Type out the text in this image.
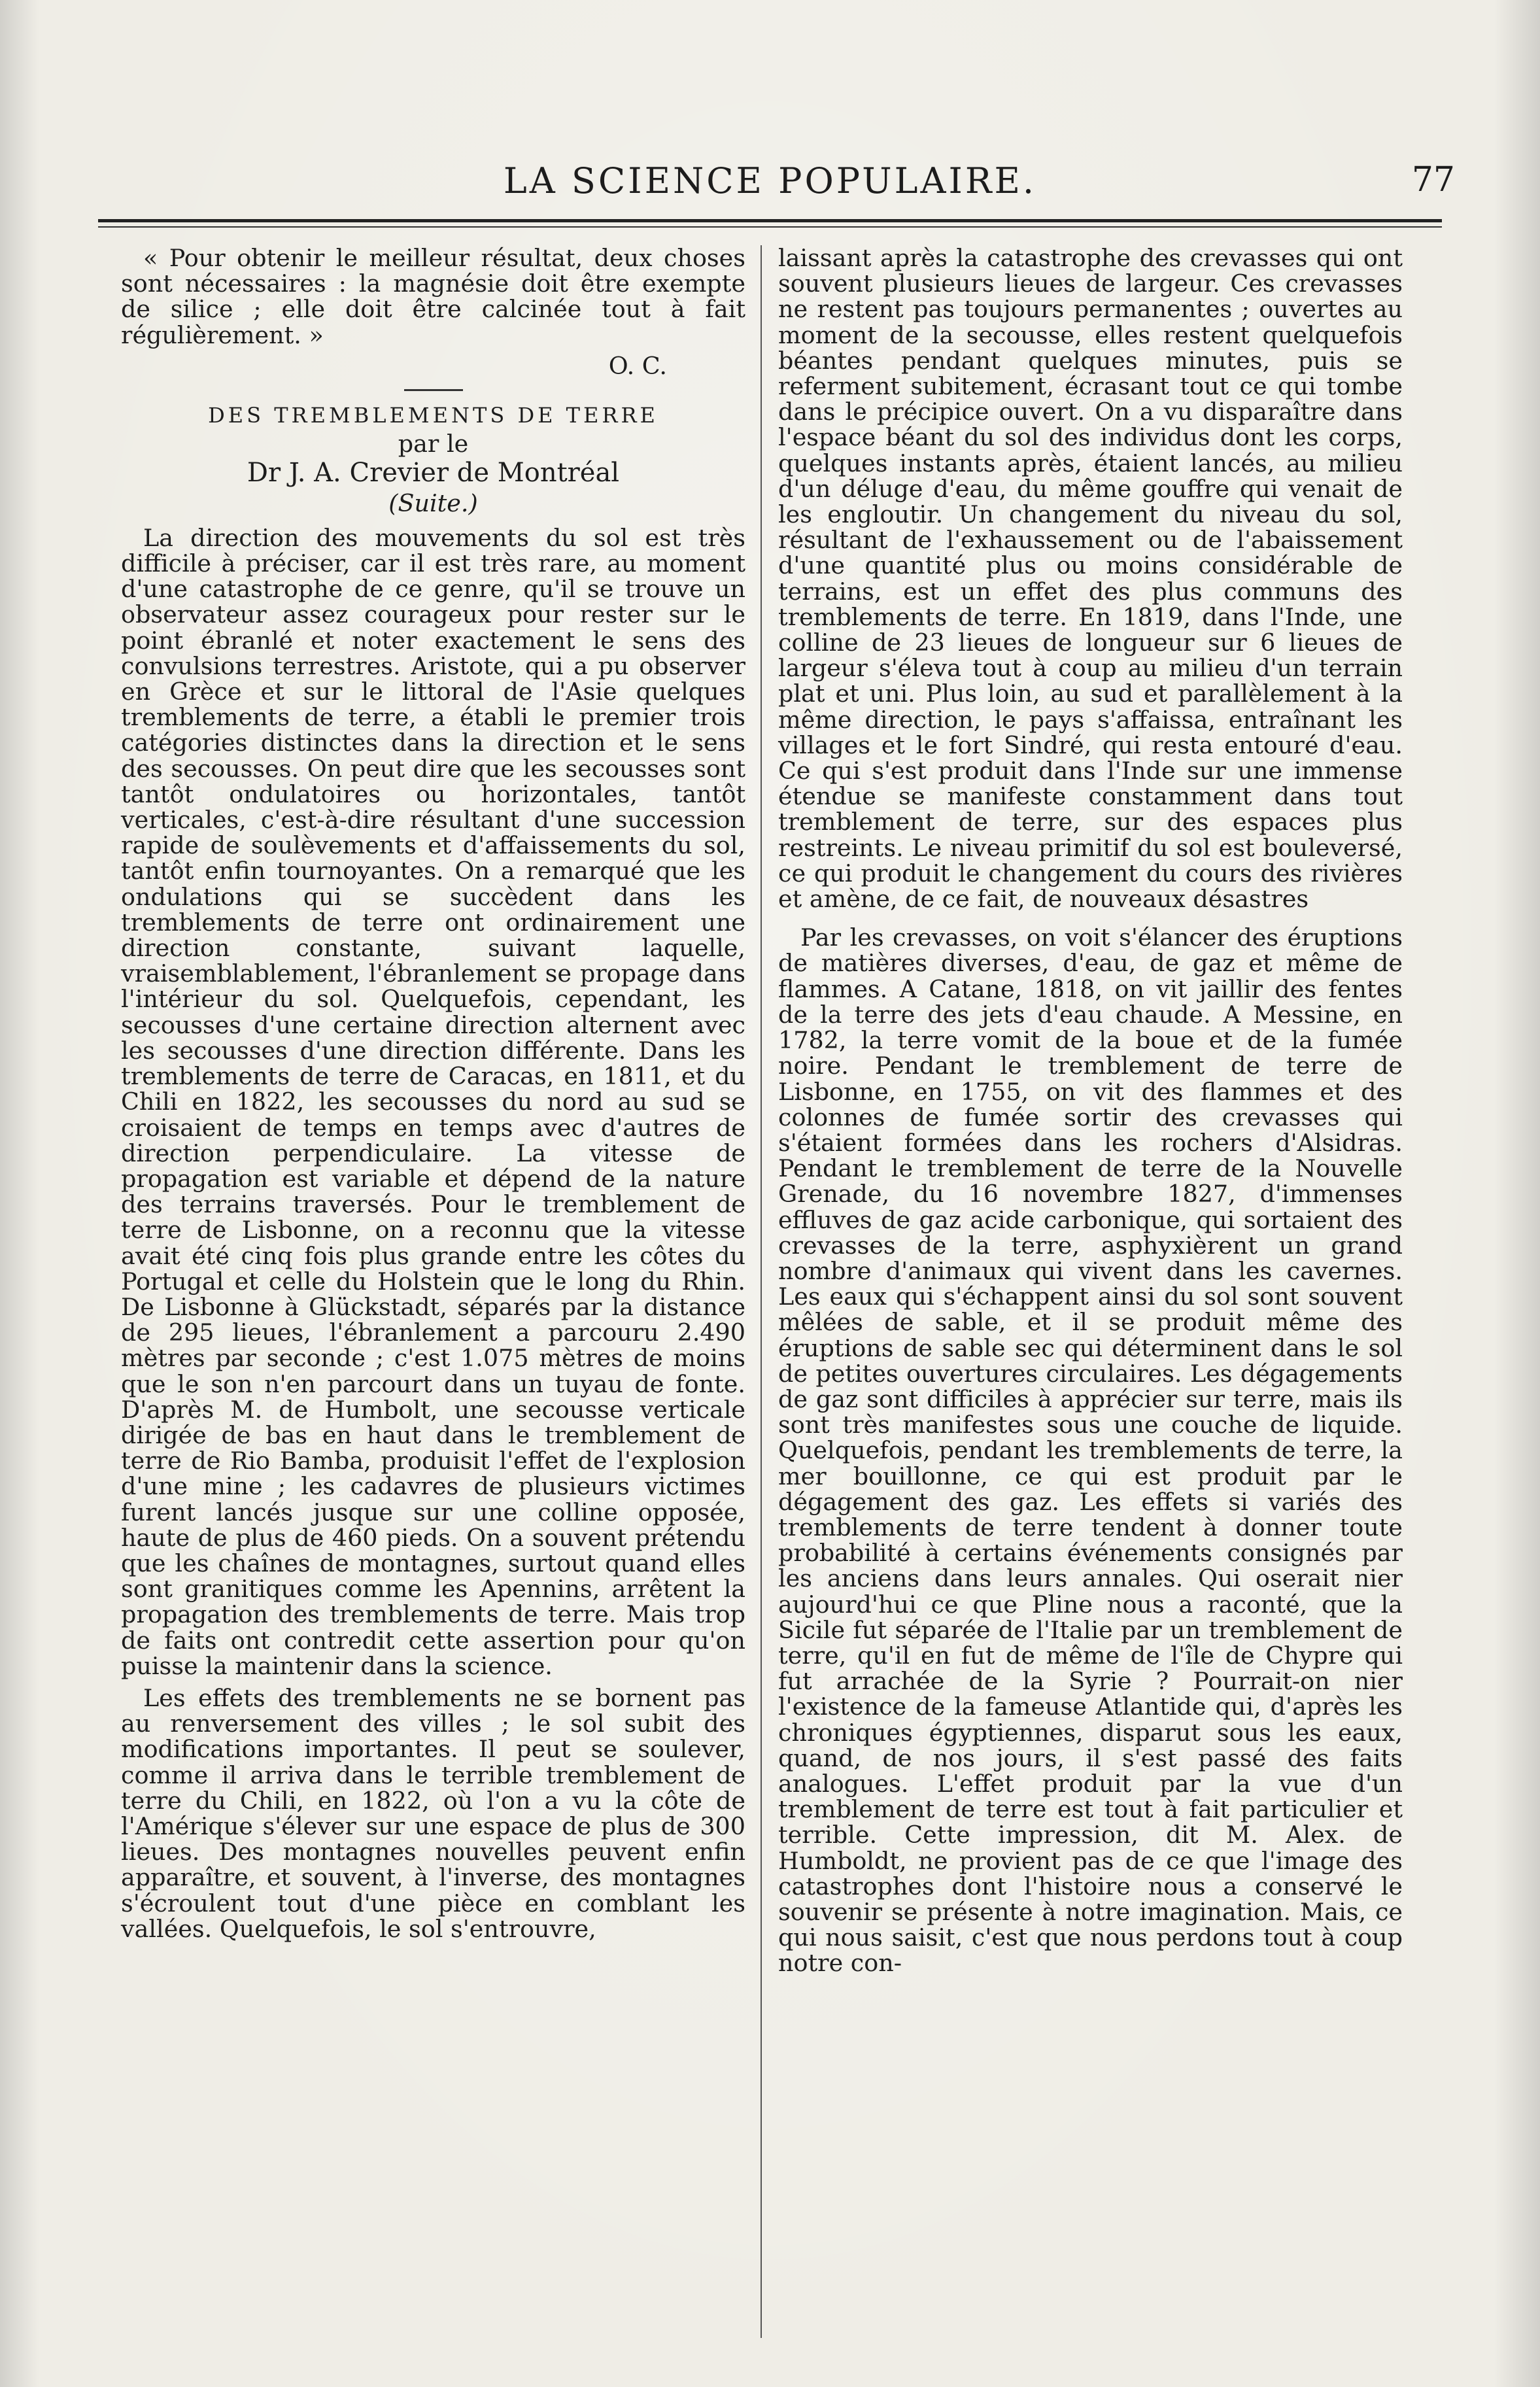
LA SCIENCE POPULAIRE.	77

« Pour obtenir le meilleur résultat, deux choses sont nécessaires : la magnésie doit être exempte de silice ; elle doit être calcinée tout à fait régulièrement. »

O. C.

DES TREMBLEMENTS DE TERRE

par le

Dr J. A. Crevier de Montréal

(Suite.)

La direction des mouvements du sol est très difficile à préciser, car il est très rare, au moment d'une catastrophe de ce genre, qu'il se trouve un observateur assez courageux pour rester sur le point ébranlé et noter exactement le sens des convulsions terrestres. Aristote, qui a pu observer en Grèce et sur le littoral de l'Asie quelques tremblements de terre, a établi le premier trois catégories distinctes dans la direction et le sens des secousses. On peut dire que les secousses sont tantôt ondulatoires ou horizontales, tantôt verticales, c'est-à-dire résultant d'une succession rapide de soulèvements et d'affaissements du sol, tantôt enfin tournoyantes. On a remarqué que les ondulations qui se succèdent dans les tremblements de terre ont ordinairement une direction constante, suivant laquelle, vraisemblablement, l'ébranlement se propage dans l'intérieur du sol. Quelquefois, cependant, les secousses d'une certaine direction alternent avec les secousses d'une direction différente. Dans les tremblements de terre de Caracas, en 1811, et du Chili en 1822, les secousses du nord au sud se croisaient de temps en temps avec d'autres de direction perpendiculaire. La vitesse de propagation est variable et dépend de la nature des terrains traversés. Pour le tremblement de terre de Lisbonne, on a reconnu que la vitesse avait été cinq fois plus grande entre les côtes du Portugal et celle du Holstein que le long du Rhin. De Lisbonne à Glückstadt, séparés par la distance de 295 lieues, l'ébranlement a parcouru 2.490 mètres par seconde ; c'est 1.075 mètres de moins que le son n'en parcourt dans un tuyau de fonte. D'après M. de Humbolt, une secousse verticale dirigée de bas en haut dans le tremblement de terre de Rio Bamba, produisit l'effet de l'explosion d'une mine ; les cadavres de plusieurs victimes furent lancés jusque sur une colline opposée, haute de plus de 460 pieds. On a souvent prétendu que les chaînes de montagnes, surtout quand elles sont granitiques comme les Apennins, arrêtent la propagation des tremblements de terre. Mais trop de faits ont contredit cette assertion pour qu'on puisse la maintenir dans la science.

Les effets des tremblements ne se bornent pas au renversement des villes ; le sol subit des modifications importantes. Il peut se soulever, comme il arriva dans le terrible tremblement de terre du Chili, en 1822, où l'on a vu la côte de l'Amérique s'élever sur une espace de plus de 300 lieues. Des montagnes nouvelles peuvent enfin apparaître, et souvent, à l'inverse, des montagnes s'écroulent tout d'une pièce en comblant les vallées. Quelquefois, le sol s'entrouvre,

laissant après la catastrophe des crevasses qui ont souvent plusieurs lieues de largeur. Ces crevasses ne restent pas toujours permanentes ; ouvertes au moment de la secousse, elles restent quelquefois béantes pendant quelques minutes, puis se referment subitement, écrasant tout ce qui tombe dans le précipice ouvert. On a vu disparaître dans l'espace béant du sol des individus dont les corps, quelques instants après, étaient lancés, au milieu d'un déluge d'eau, du même gouffre qui venait de les engloutir. Un changement du niveau du sol, résultant de l'exhaussement ou de l'abaissement d'une quantité plus ou moins considérable de terrains, est un effet des plus communs des tremblements de terre. En 1819, dans l'Inde, une colline de 23 lieues de longueur sur 6 lieues de largeur s'éleva tout à coup au milieu d'un terrain plat et uni. Plus loin, au sud et parallèlement à la même direction, le pays s'affaissa, entraînant les villages et le fort Sindré, qui resta entouré d'eau. Ce qui s'est produit dans l'Inde sur une immense étendue se manifeste constamment dans tout tremblement de terre, sur des espaces plus restreints. Le niveau primitif du sol est bouleversé, ce qui produit le changement du cours des rivières et amène, de ce fait, de nouveaux désastres

Par les crevasses, on voit s'élancer des éruptions de matières diverses, d'eau, de gaz et même de flammes. A Catane, 1818, on vit jaillir des fentes de la terre des jets d'eau chaude. A Messine, en 1782, la terre vomit de la boue et de la fumée noire. Pendant le tremblement de terre de Lisbonne, en 1755, on vit des flammes et des colonnes de fumée sortir des crevasses qui s'étaient formées dans les rochers d'Alsidras. Pendant le tremblement de terre de la Nouvelle Grenade, du 16 novembre 1827, d'immenses effluves de gaz acide carbonique, qui sortaient des crevasses de la terre, asphyxièrent un grand nombre d'animaux qui vivent dans les cavernes. Les eaux qui s'échappent ainsi du sol sont souvent mêlées de sable, et il se produit même des éruptions de sable sec qui déterminent dans le sol de petites ouvertures circulaires. Les dégagements de gaz sont difficiles à apprécier sur terre, mais ils sont très manifestes sous une couche de liquide. Quelquefois, pendant les tremblements de terre, la mer bouillonne, ce qui est produit par le dégagement des gaz. Les effets si variés des tremblements de terre tendent à donner toute probabilité à certains événements consignés par les anciens dans leurs annales. Qui oserait nier aujourd'hui ce que Pline nous a raconté, que la Sicile fut séparée de l'Italie par un tremblement de terre, qu'il en fut de même de l'île de Chypre qui fut arrachée de la Syrie ? Pourrait-on nier l'existence de la fameuse Atlantide qui, d'après les chroniques égyptiennes, disparut sous les eaux, quand, de nos jours, il s'est passé des faits analogues. L'effet produit par la vue d'un tremblement de terre est tout à fait particulier et terrible. Cette impression, dit M. Alex. de Humboldt, ne provient pas de ce que l'image des catastrophes dont l'histoire nous a conservé le souvenir se présente à notre imagination. Mais, ce qui nous saisit, c'est que nous perdons tout à coup notre con-
